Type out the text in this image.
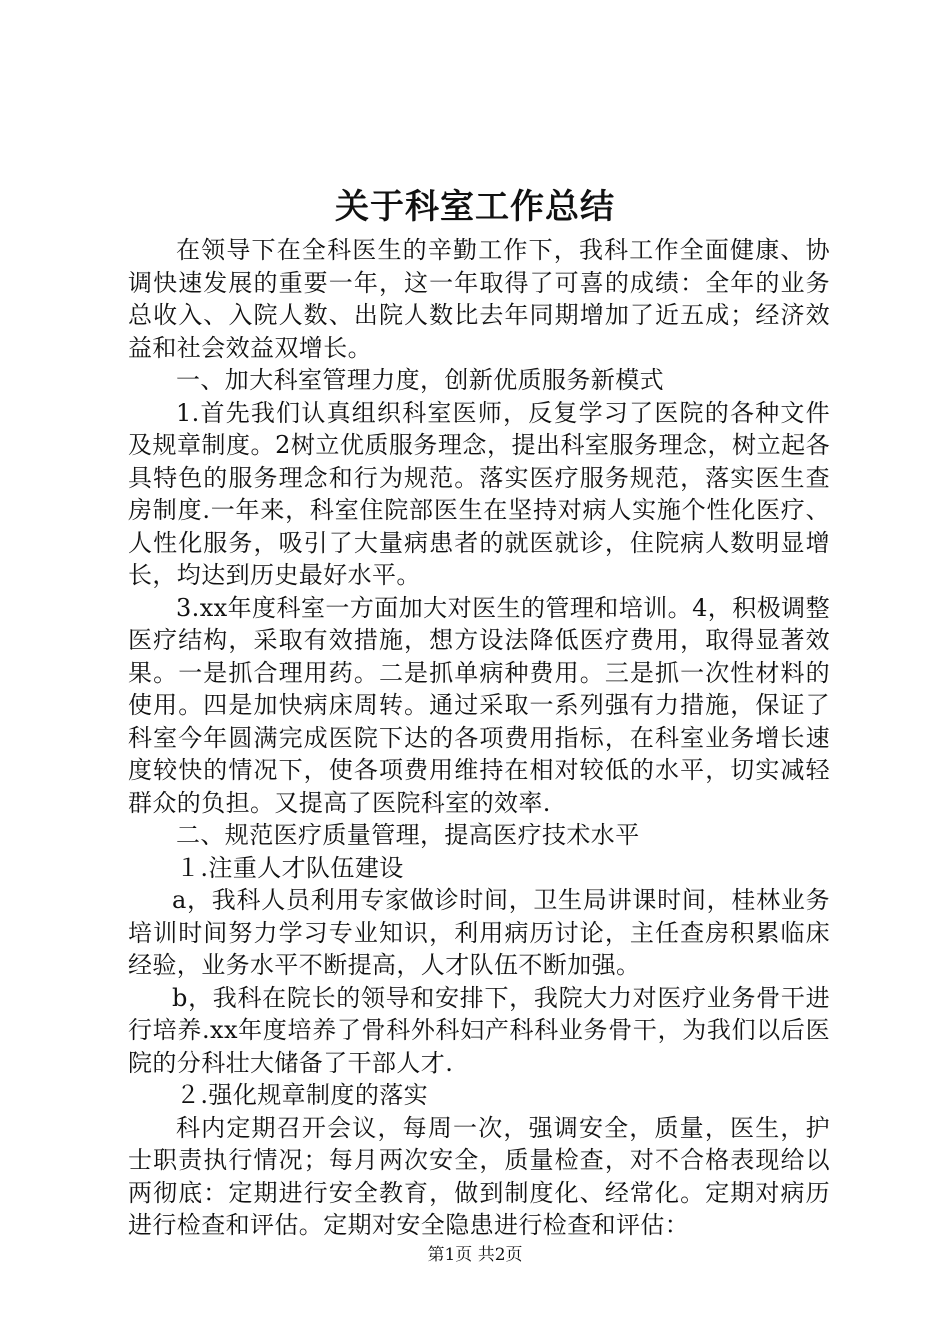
关于科室工作总结

在领导下在全科医生的辛勤工作下，我科工作全面健康、协调快速发展的重要一年，这一年取得了可喜的成绩：全年的业务总收入、入院人数、出院人数比去年同期增加了近五成；经济效益和社会效益双增长。

一、加大科室管理力度，创新优质服务新模式

1.首先我们认真组织科室医师，反复学习了医院的各种文件及规章制度。2树立优质服务理念，提出科室服务理念，树立起各具特色的服务理念和行为规范。落实医疗服务规范，落实医生查房制度.一年来，科室住院部医生在坚持对病人实施个性化医疗、人性化服务，吸引了大量病患者的就医就诊，住院病人数明显增长，均达到历史最好水平。

3.xx年度科室一方面加大对医生的管理和培训。4，积极调整医疗结构，采取有效措施，想方设法降低医疗费用，取得显著效果。一是抓合理用药。二是抓单病种费用。三是抓一次性材料的使用。四是加快病床周转。通过采取一系列强有力措施，保证了科室今年圆满完成医院下达的各项费用指标，在科室业务增长速度较快的情况下，使各项费用维持在相对较低的水平，切实减轻群众的负担。又提高了医院科室的效率.

二、规范医疗质量管理，提高医疗技术水平

１.注重人才队伍建设

a，我科人员利用专家做诊时间，卫生局讲课时间，桂林业务培训时间努力学习专业知识，利用病历讨论，主任查房积累临床经验，业务水平不断提高，人才队伍不断加强。

b，我科在院长的领导和安排下，我院大力对医疗业务骨干进行培养.xx年度培养了骨科外科妇产科科业务骨干，为我们以后医院的分科壮大储备了干部人才.

２.强化规章制度的落实

科内定期召开会议，每周一次，强调安全，质量，医生，护士职责执行情况；每月两次安全，质量检查，对不合格表现给以两彻底：定期进行安全教育，做到制度化、经常化。定期对病历进行检查和评估。定期对安全隐患进行检查和评估：

第1页 共2页
